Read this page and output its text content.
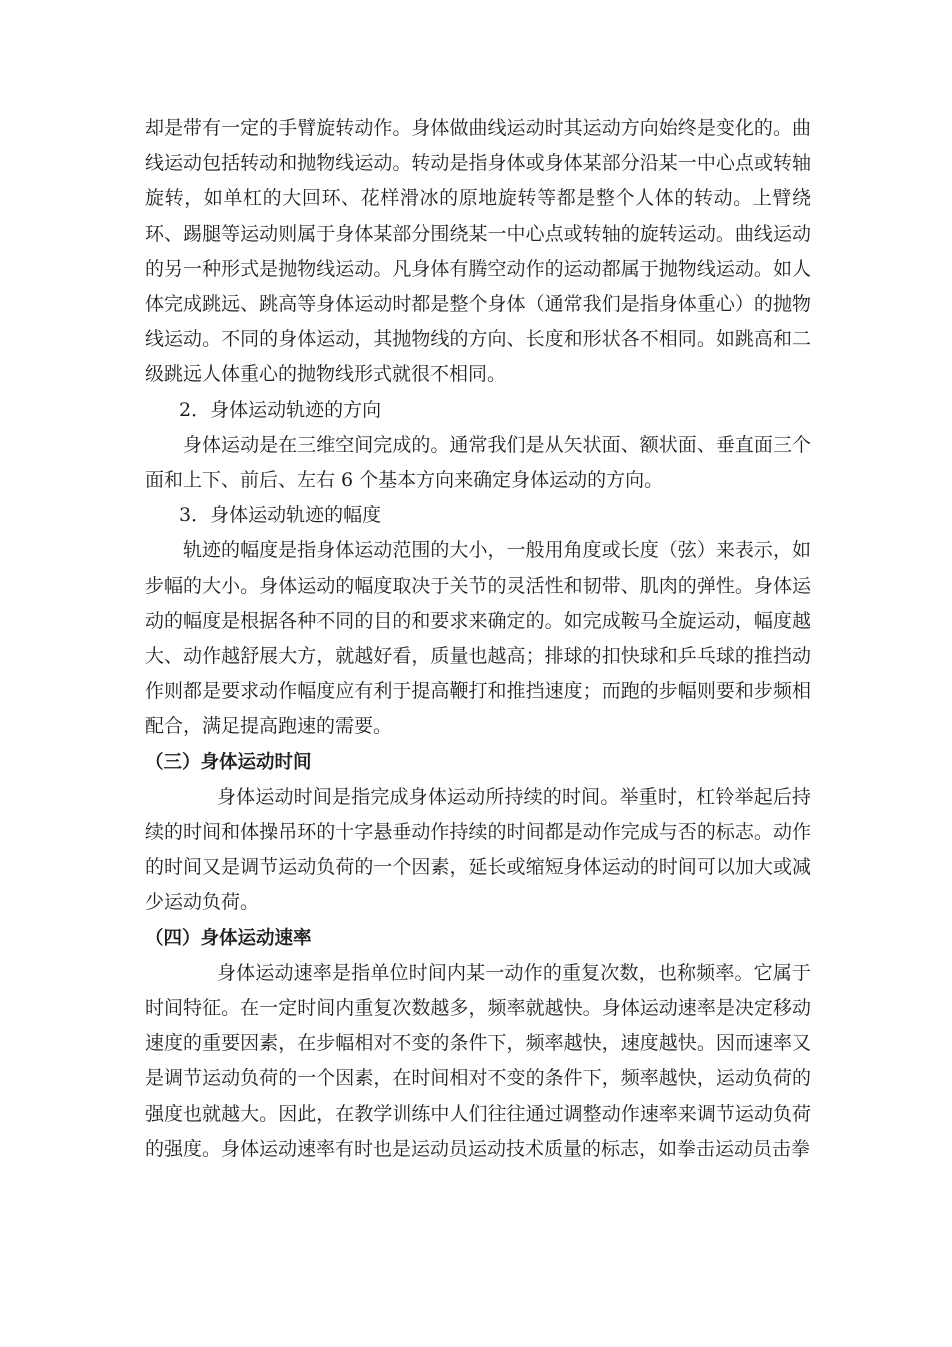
却是带有一定的手臂旋转动作。身体做曲线运动时其运动方向始终是变化的。曲线运动包括转动和抛物线运动。转动是指身体或身体某部分沿某一中心点或转轴旋转，如单杠的大回环、花样滑冰的原地旋转等都是整个人体的转动。上臂绕环、踢腿等运动则属于身体某部分围绕某一中心点或转轴的旋转运动。曲线运动的另一种形式是抛物线运动。凡身体有腾空动作的运动都属于抛物线运动。如人体完成跳远、跳高等身体运动时都是整个身体（通常我们是指身体重心）的抛物线运动。不同的身体运动，其抛物线的方向、长度和形状各不相同。如跳高和二级跳远人体重心的抛物线形式就很不相同。

2．身体运动轨迹的方向

身体运动是在三维空间完成的。通常我们是从矢状面、额状面、垂直面三个面和上下、前后、左右 6 个基本方向来确定身体运动的方向。

3．身体运动轨迹的幅度

轨迹的幅度是指身体运动范围的大小，一般用角度或长度（弦）来表示，如步幅的大小。身体运动的幅度取决于关节的灵活性和韧带、肌肉的弹性。身体运动的幅度是根据各种不同的目的和要求来确定的。如完成鞍马全旋运动，幅度越大、动作越舒展大方，就越好看，质量也越高；排球的扣快球和乒乓球的推挡动作则都是要求动作幅度应有利于提高鞭打和推挡速度；而跑的步幅则要和步频相配合，满足提高跑速的需要。

（三）身体运动时间

身体运动时间是指完成身体运动所持续的时间。举重时，杠铃举起后持续的时间和体操吊环的十字悬垂动作持续的时间都是动作完成与否的标志。动作的时间又是调节运动负荷的一个因素，延长或缩短身体运动的时间可以加大或减少运动负荷。

（四）身体运动速率

身体运动速率是指单位时间内某一动作的重复次数，也称频率。它属于时间特征。在一定时间内重复次数越多，频率就越快。身体运动速率是决定移动速度的重要因素，在步幅相对不变的条件下，频率越快，速度越快。因而速率又是调节运动负荷的一个因素，在时间相对不变的条件下，频率越快，运动负荷的强度也就越大。因此，在教学训练中人们往往通过调整动作速率来调节运动负荷的强度。身体运动速率有时也是运动员运动技术质量的标志，如拳击运动员击拳
